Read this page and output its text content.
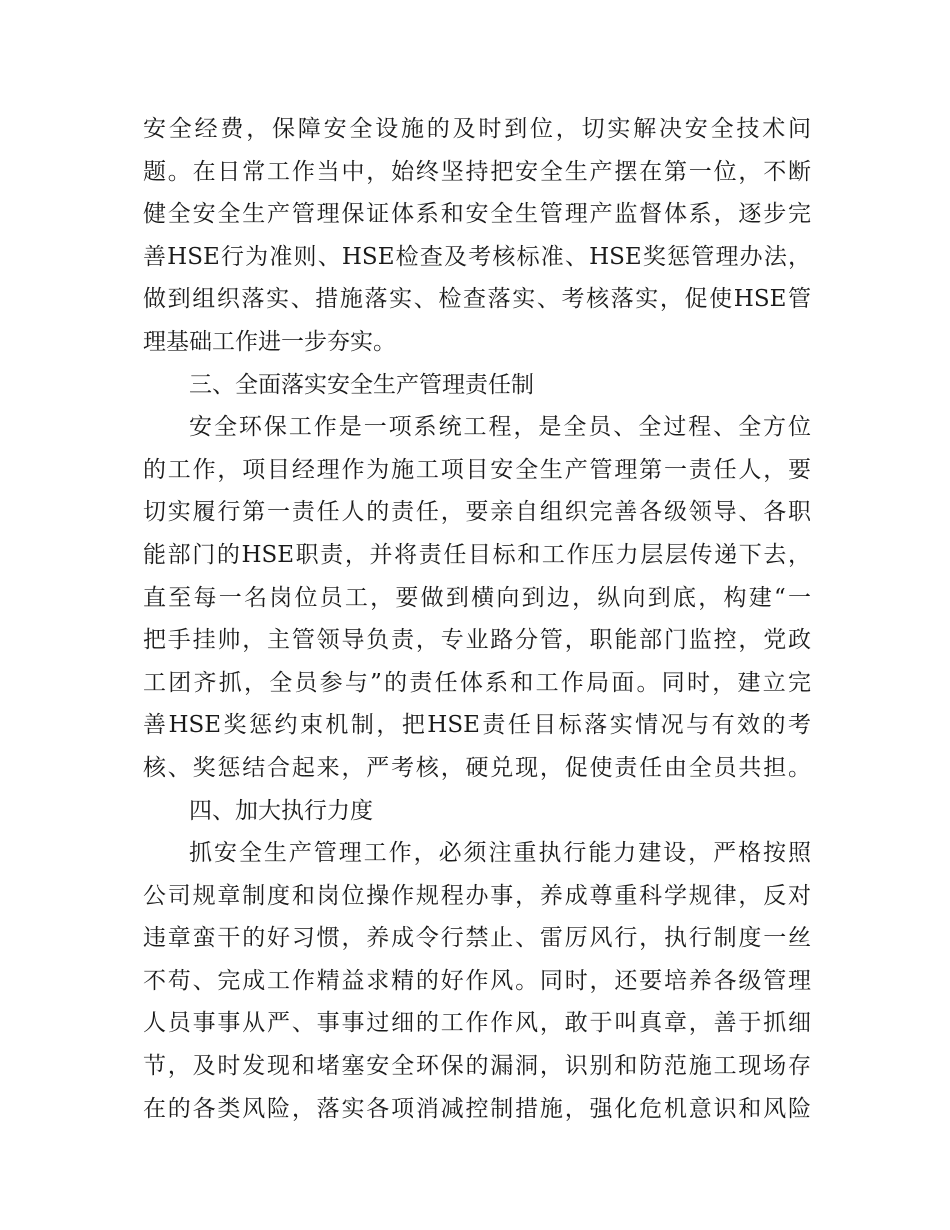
安全经费，保障安全设施的及时到位，切实解决安全技术问
题。在日常工作当中，始终坚持把安全生产摆在第一位，不断
健全安全生产管理保证体系和安全生管理产监督体系，逐步完
善HSE行为准则、HSE检查及考核标准、HSE奖惩管理办法，
做到组织落实、措施落实、检查落实、考核落实，促使HSE管
理基础工作进一步夯实。
三、全面落实安全生产管理责任制
安全环保工作是一项系统工程，是全员、全过程、全方位
的工作，项目经理作为施工项目安全生产管理第一责任人，要
切实履行第一责任人的责任，要亲自组织完善各级领导、各职
能部门的HSE职责，并将责任目标和工作压力层层传递下去，
直至每一名岗位员工，要做到横向到边，纵向到底，构建“一
把手挂帅，主管领导负责，专业路分管，职能部门监控，党政
工团齐抓，全员参与”的责任体系和工作局面。同时，建立完
善HSE奖惩约束机制，把HSE责任目标落实情况与有效的考
核、奖惩结合起来，严考核，硬兑现，促使责任由全员共担。
四、加大执行力度
抓安全生产管理工作，必须注重执行能力建设，严格按照
公司规章制度和岗位操作规程办事，养成尊重科学规律，反对
违章蛮干的好习惯，养成令行禁止、雷厉风行，执行制度一丝
不苟、完成工作精益求精的好作风。同时，还要培养各级管理
人员事事从严、事事过细的工作作风，敢于叫真章，善于抓细
节，及时发现和堵塞安全环保的漏洞，识别和防范施工现场存
在的各类风险，落实各项消减控制措施，强化危机意识和风险
